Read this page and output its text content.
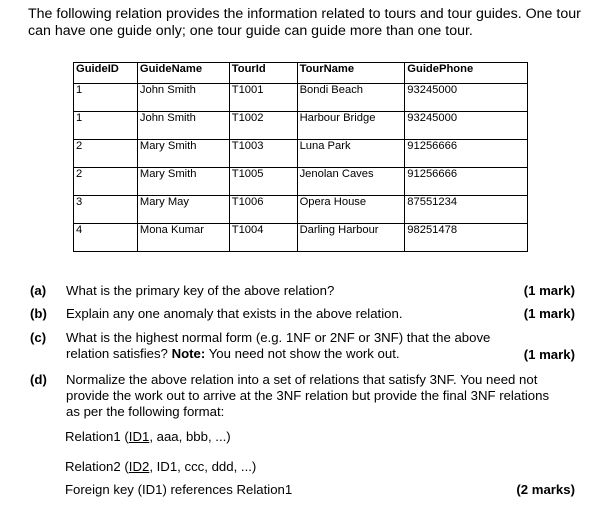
The following relation provides the information related to tours and tour guides. One tour can have one guide only; one tour guide can guide more than one tour.

GuideID	GuideName	TourId	TourName	GuidePhone
1	John Smith	T1001	Bondi Beach	93245000
1	John Smith	T1002	Harbour Bridge	93245000
2	Mary Smith	T1003	Luna Park	91256666
2	Mary Smith	T1005	Jenolan Caves	91256666
3	Mary May	T1006	Opera House	87551234
4	Mona Kumar	T1004	Darling Harbour	98251478
(a) What is the primary key of the above relation?	(1 mark)
(b) Explain any one anomaly that exists in the above relation.	(1 mark)
(c) What is the highest normal form (e.g. 1NF or 2NF or 3NF) that the above
relation satisfies? Note: You need not show the work out.	(1 mark)
(d) Normalize the above relation into a set of relations that satisfy 3NF. You need not provide the work out to arrive at the 3NF relation but provide the final 3NF relations as per the following format:
Relation1 (ID1, aaa, bbb, ...)
Relation2 (ID2, ID1, ccc, ddd, ...)
Foreign key (ID1) references Relation1	(2 marks)
